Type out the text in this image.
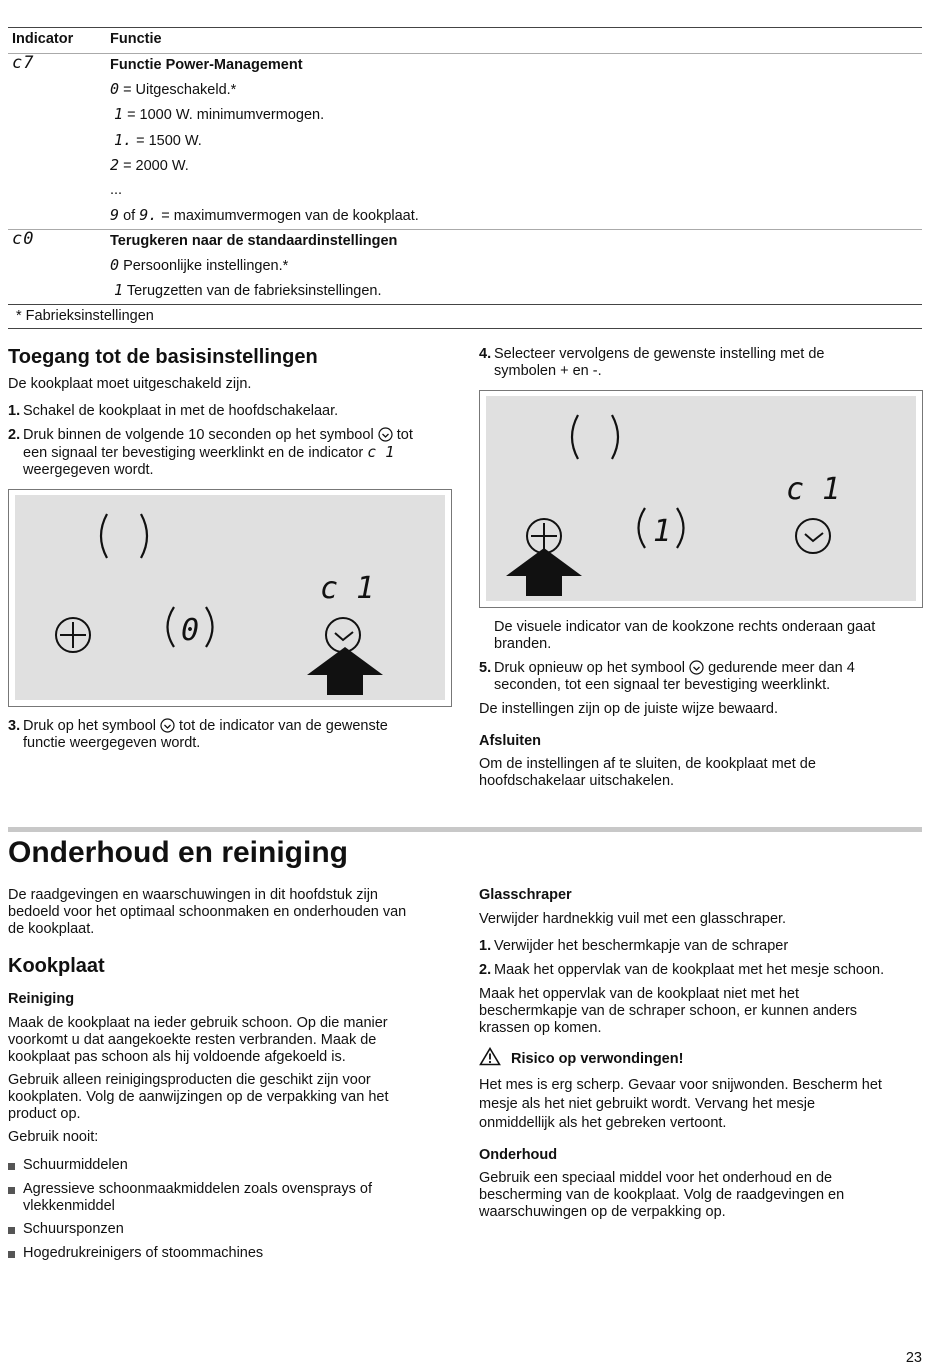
Indicator	Functie
c7	Functie Power-Management
0 = Uitgeschakeld.*
1 = 1000 W. minimumvermogen.
1. = 1500 W.
2 = 2000 W.
...
9 of 9. = maximumvermogen van de kookplaat.
c0	Terugkeren naar de standaardinstellingen
0 Persoonlijke instellingen.*
1 Terugzetten van de fabrieksinstellingen.
* Fabrieksinstellingen
Toegang tot de basisinstellingen
De kookplaat moet uitgeschakeld zijn.
1. Schakel de kookplaat in met de hoofdschakelaar.
2. Druk binnen de volgende 10 seconden op het symbool tot
een signaal ter bevestiging weerklinkt en de indicator c 1
weergegeven wordt.
0
c 1
3. Druk op het symbool tot de indicator van de gewenste
functie weergegeven wordt.
4. Selecteer vervolgens de gewenste instelling met de
symbolen + en -.
1
c 1
De visuele indicator van de kookzone rechts onderaan gaat
branden.
5. Druk opnieuw op het symbool gedurende meer dan 4
seconden, tot een signaal ter bevestiging weerklinkt.
De instellingen zijn op de juiste wijze bewaard.
Afsluiten
Om de instellingen af te sluiten, de kookplaat met de
hoofdschakelaar uitschakelen.
Onderhoud en reiniging
De raadgevingen en waarschuwingen in dit hoofdstuk zijn
bedoeld voor het optimaal schoonmaken en onderhouden van
de kookplaat.
Kookplaat
Reiniging
Maak de kookplaat na ieder gebruik schoon. Op die manier
voorkomt u dat aangekoekte resten verbranden. Maak de
kookplaat pas schoon als hij voldoende afgekoeld is.
Gebruik alleen reinigingsproducten die geschikt zijn voor
kookplaten. Volg de aanwijzingen op de verpakking van het
product op.
Gebruik nooit:
Schuurmiddelen
Agressieve schoonmaakmiddelen zoals ovensprays of vlekkenmiddel
Schuursponzen
Hogedrukreinigers of stoommachines
Glasschraper
Verwijder hardnekkig vuil met een glasschraper.
1. Verwijder het beschermkapje van de schraper
2. Maak het oppervlak van de kookplaat met het mesje schoon.
Maak het oppervlak van de kookplaat niet met het
beschermkapje van de schraper schoon, er kunnen anders
krassen op komen.
Risico op verwondingen!
Het mes is erg scherp. Gevaar voor snijwonden. Bescherm het
mesje als het niet gebruikt wordt. Vervang het mesje
onmiddellijk als het gebreken vertoont.
Onderhoud
Gebruik een speciaal middel voor het onderhoud en de
bescherming van de kookplaat. Volg de raadgevingen en
waarschuwingen op de verpakking op.
23
